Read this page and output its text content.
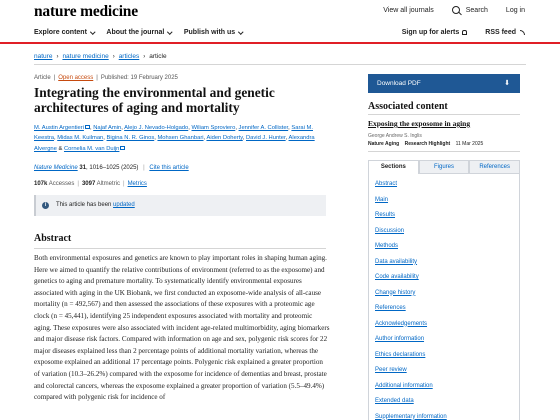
nature medicine	View all journals	Search	Log in
Explore content	About the journal	Publish with us	Sign up for alerts	RSS feed
nature › nature medicine › articles › article
Article | Open access | Published: 19 February 2025
Integrating the environmental and genetic architectures of aging and mortality
M. Austin Argentieri , Najaf Amin, Alejo J. Nevado-Holgado, Wiliam Sproviero, Jennifer A. Collister, Sarai M. Keestra, Midas M. Kuilman, Bigina N. R. Ginos, Mohsen Ghanbari, Aiden Doherty, David J. Hunter, Alexandra Alvergne & Cornelia M. van Duijn
Nature Medicine 31, 1016–1025 (2025) | Cite this article
107k Accesses | 3097 Altmetric | Metrics
i	This article has been updated
Abstract

Both environmental exposures and genetics are known to play important roles in shaping human aging. Here we aimed to quantify the relative contributions of environment (referred to as the exposome) and genetics to aging and premature mortality. To systematically identify environmental exposures associated with aging in the UK Biobank, we first conducted an exposome-wide analysis of all-cause mortality (n = 492,567) and then assessed the associations of these exposures with a proteomic age clock (n = 45,441), identifying 25 independent exposures associated with mortality and proteomic aging. These exposures were also associated with incident age-related multimorbidity, aging biomarkers and major disease risk factors. Compared with information on age and sex, polygenic risk scores for 22 major diseases explained less than 2 percentage points of additional mortality variation, whereas the exposome explained an additional 17 percentage points. Polygenic risk explained a greater proportion of variation (10.3–26.2%) compared with the exposome for incidence of dementias and breast, prostate and colorectal cancers, whereas the exposome explained a greater proportion of variation (5.5–49.4%) compared with polygenic risk for incidence of

Download PDF	⬇
Associated content
Exposing the exposome in aging
George Andrew S. Inglis
Nature Aging Research Highlight 11 Mar 2025
Sections	Figures	References
Abstract
Main
Results
Discussion
Methods
Data availability
Code availability
Change history
References
Acknowledgements
Author information
Ethics declarations
Peer review
Additional information
Extended data
Supplementary information
